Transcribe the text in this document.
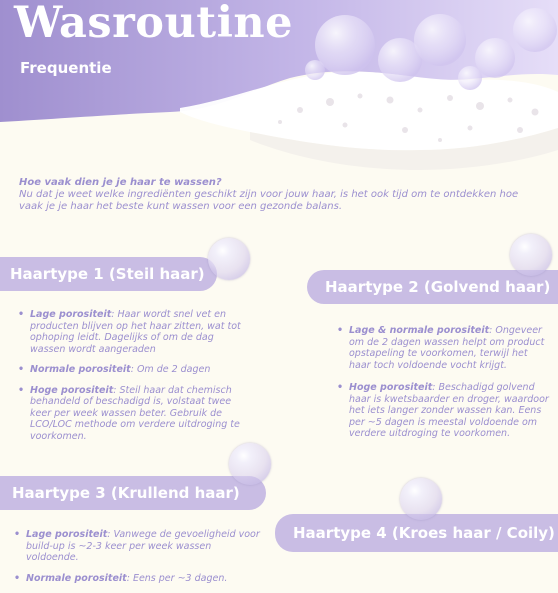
Wasroutine
Frequentie
Hoe vaak dien je je haar te wassen?
Nu dat je weet welke ingrediënten geschikt zijn voor jouw haar, is het ook tijd om te ontdekken hoe vaak je je haar het beste kunt wassen voor een gezonde balans.
Haartype 1 (Steil haar)
• Lage porositeit: Haar wordt snel vet en producten blijven op het haar zitten, wat tot ophoping leidt. Dagelijks of om de dag wassen wordt aangeraden
• Normale porositeit: Om de 2 dagen
• Hoge porositeit: Steil haar dat chemisch behandeld of beschadigd is, volstaat twee keer per week wassen beter. Gebruik de LCO/LOC methode om verdere uitdroging te voorkomen.
Haartype 2 (Golvend haar)
• Lage & normale porositeit: Ongeveer om de 2 dagen wassen helpt om product opstapeling te voorkomen, terwijl het haar toch voldoende vocht krijgt.
• Hoge porositeit: Beschadigd golvend haar is kwetsbaarder en droger, waardoor het iets langer zonder wassen kan. Eens per ~5 dagen is meestal voldoende om verdere uitdroging te voorkomen.
Haartype 3 (Krullend haar)
• Lage porositeit: Vanwege de gevoeligheid voor build-up is ~2-3 keer per week wassen voldoende.
• Normale porositeit: Eens per ~3 dagen.
Haartype 4 (Kroes haar / Coily)
